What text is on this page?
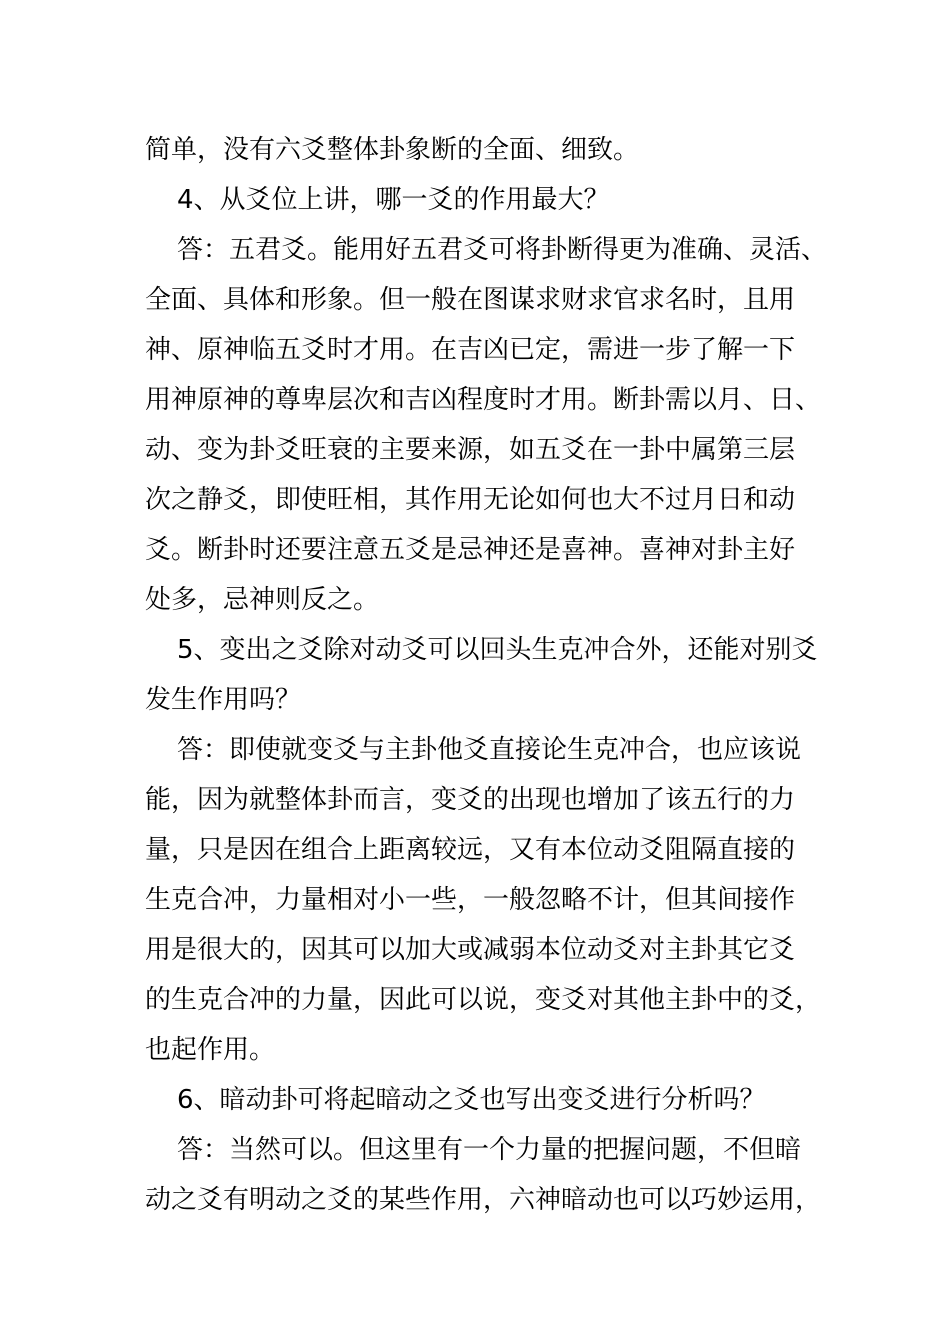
简单，没有六爻整体卦象断的全面、细致。

4、从爻位上讲，哪一爻的作用最大？

答：五君爻。能用好五君爻可将卦断得更为准确、灵活、

全面、具体和形象。但一般在图谋求财求官求名时，且用

神、原神临五爻时才用。在吉凶已定，需进一步了解一下

用神原神的尊卑层次和吉凶程度时才用。断卦需以月、日、

动、变为卦爻旺衰的主要来源，如五爻在一卦中属第三层

次之静爻，即使旺相，其作用无论如何也大不过月日和动

爻。断卦时还要注意五爻是忌神还是喜神。喜神对卦主好

处多，忌神则反之。

5、变出之爻除对动爻可以回头生克冲合外，还能对别爻

发生作用吗？

答：即使就变爻与主卦他爻直接论生克冲合，也应该说

能，因为就整体卦而言，变爻的出现也增加了该五行的力

量，只是因在组合上距离较远，又有本位动爻阻隔直接的

生克合冲，力量相对小一些，一般忽略不计，但其间接作

用是很大的，因其可以加大或减弱本位动爻对主卦其它爻

的生克合冲的力量，因此可以说，变爻对其他主卦中的爻，

也起作用。

6、暗动卦可将起暗动之爻也写出变爻进行分析吗？

答：当然可以。但这里有一个力量的把握问题，不但暗

动之爻有明动之爻的某些作用，六神暗动也可以巧妙运用，
